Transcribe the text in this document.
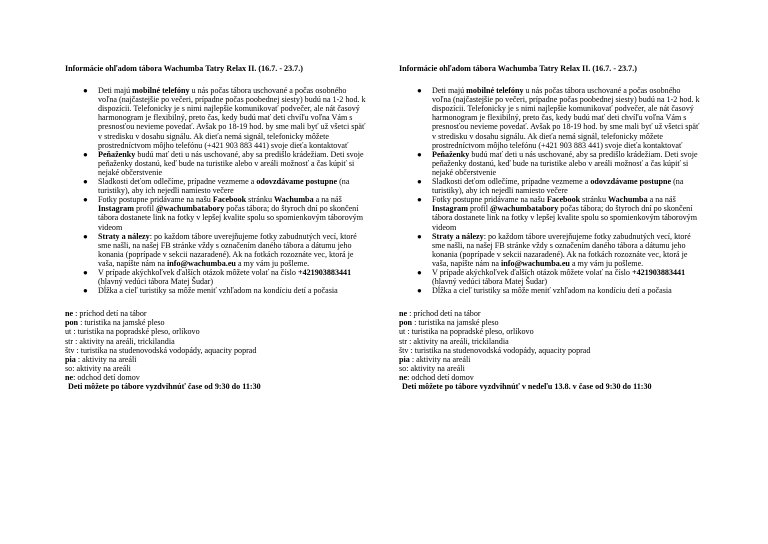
Informácie ohľadom tábora Wachumba Tatry Relax II. (16.7. - 23.7.)
● Deti majú mobilné telefóny u nás počas tábora uschované a počas osobného voľna (najčastejšie po večeri, prípadne počas poobednej siesty) budú na 1-2 hod. k dispozícii. Telefonicky je s nimi najlepšie komunikovať podvečer, ale nát časový harmonogram je flexibilný, preto čas, kedy budú mať deti chvíľu voľna Vám s presnosťou nevieme povedať. Avšak po 18-19 hod. by sme mali byť už všetci späť v stredisku v dosahu signálu. Ak dieťa nemá signál, telefonicky môžete prostredníctvom môjho telefónu (+421 903 883 441) svoje dieťa kontaktovať
● Peňaženky budú mať deti u nás uschované, aby sa predišlo krádežiam. Deti svoje peňaženky dostanú, keď bude na turistike alebo v areáli možnosť a čas kúpiť si nejaké občerstvenie
● Sladkosti deťom odlečíme, prípadne vezmeme a odovzdávame postupne (na turistiky), aby ich nejedli namiesto večere
● Fotky postupne pridávame na našu Facebook stránku Wachumba a na náš Instagram profil @wachumbatabory počas tábora; do štyroch dní po skončení tábora dostanete link na fotky v lepšej kvalite spolu so spomienkovým táborovým videom
● Straty a nálezy: po každom tábore uverejňujeme fotky zabudnutých vecí, ktoré sme našli, na našej FB stránke vždy s označením daného tábora a dátumu jeho konania (poprípade v sekcii nazaradené). Ak na fotkách rozoznáte vec, ktorá je vaša, napíšte nám na info@wachumba.eu a my vám ju pošleme.
● V prípade akýchkoľvek ďalších otázok môžete volať na číslo +421903883441 (hlavný vedúci tábora Matej Šudar)
● Dĺžka a cieľ turistiky sa môže meniť vzhľadom na kondíciu detí a počasia
ne : príchod detí na tábor
pon : turistika na jamské pleso
ut : turistika na popradské pleso, orlíkovo
str : aktivity na areáli, trickilandia
štv : turistika na studenovodská vodopády, aquacity poprad
pia : aktivity na areáli
so: aktivity na areáli
ne: odchod detí domov
Deti môžete po tábore vyzdvihnúť čase od 9:30 do 11:30
Informácie ohľadom tábora Wachumba Tatry Relax II. (16.7. - 23.7.)
● Deti majú mobilné telefóny u nás počas tábora uschované a počas osobného voľna (najčastejšie po večeri, prípadne počas poobednej siesty) budú na 1-2 hod. k dispozícii. Telefonicky je s nimi najlepšie komunikovať podvečer, ale nát časový harmonogram je flexibilný, preto čas, kedy budú mať deti chvíľu voľna Vám s presnosťou nevieme povedať. Avšak po 18-19 hod. by sme mali byť už všetci späť v stredisku v dosahu signálu. Ak dieťa nemá signál, telefonicky môžete prostredníctvom môjho telefónu (+421 903 883 441) svoje dieťa kontaktovať
● Peňaženky budú mať deti u nás uschované, aby sa predišlo krádežiam. Deti svoje peňaženky dostanú, keď bude na turistike alebo v areáli možnosť a čas kúpiť si nejaké občerstvenie
● Sladkosti deťom odlečíme, prípadne vezmeme a odovzdávame postupne (na turistiky), aby ich nejedli namiesto večere
● Fotky postupne pridávame na našu Facebook stránku Wachumba a na náš Instagram profil @wachumbatabory počas tábora; do štyroch dní po skončení tábora dostanete link na fotky v lepšej kvalite spolu so spomienkovým táborovým videom
● Straty a nálezy: po každom tábore uverejňujeme fotky zabudnutých vecí, ktoré sme našli, na našej FB stránke vždy s označením daného tábora a dátumu jeho konania (poprípade v sekcii nazaradené). Ak na fotkách rozoznáte vec, ktorá je vaša, napíšte nám na info@wachumba.eu a my vám ju pošleme.
● V prípade akýchkoľvek ďalších otázok môžete volať na číslo +421903883441 (hlavný vedúci tábora Matej Šudar)
● Dĺžka a cieľ turistiky sa môže meniť vzhľadom na kondíciu detí a počasia
ne : príchod detí na tábor
pon : turistika na jamské pleso
ut : turistika na popradské pleso, orlíkovo
str : aktivity na areáli, trickilandia
štv : turistika na studenovodská vodopády, aquacity poprad
pia : aktivity na areáli
so: aktivity na areáli
ne: odchod detí domov
Deti môžete po tábore vyzdvihnúť v nedeľu 13.8. v čase od 9:30 do 11:30
